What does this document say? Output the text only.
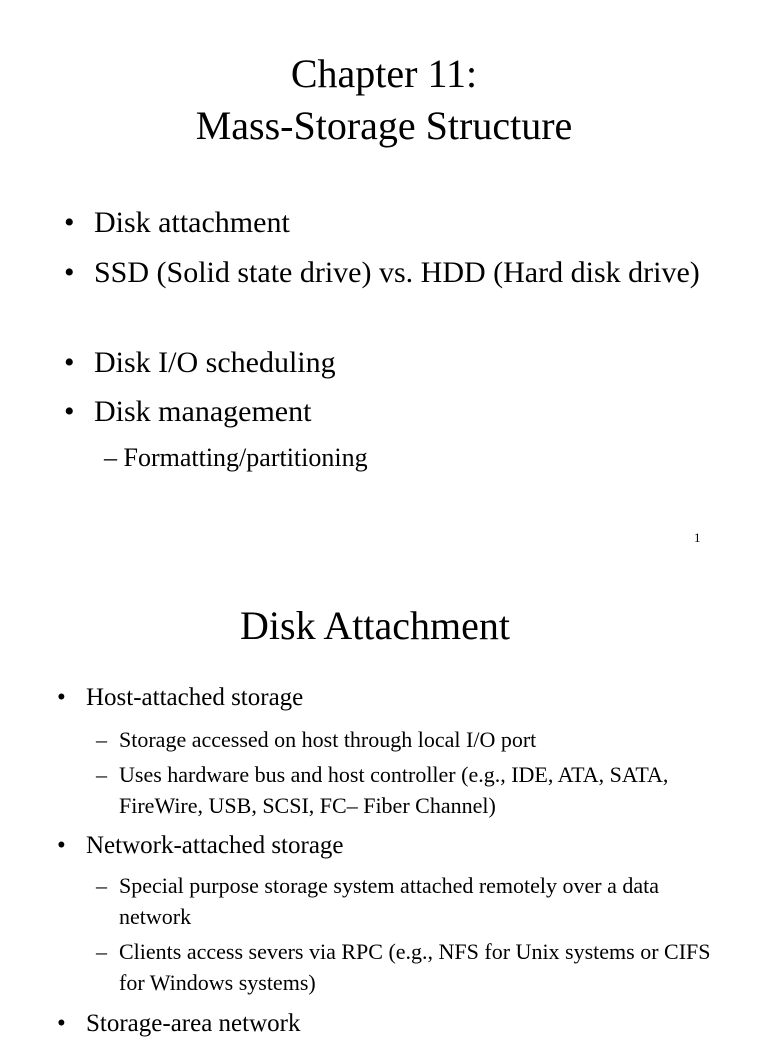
Chapter 11:
Mass-Storage Structure
• Disk attachment
• SSD (Solid state drive) vs. HDD (Hard disk drive)
• Disk I/O scheduling
• Disk management
– Formatting/partitioning
1
Disk Attachment
• Host-attached storage
– Storage accessed on host through local I/O port
– Uses hardware bus and host controller (e.g., IDE, ATA, SATA, FireWire, USB, SCSI, FC– Fiber Channel)
• Network-attached storage
– Special purpose storage system attached remotely over a data network
– Clients access severs via RPC (e.g., NFS for Unix systems or CIFS for Windows systems)
• Storage-area network
